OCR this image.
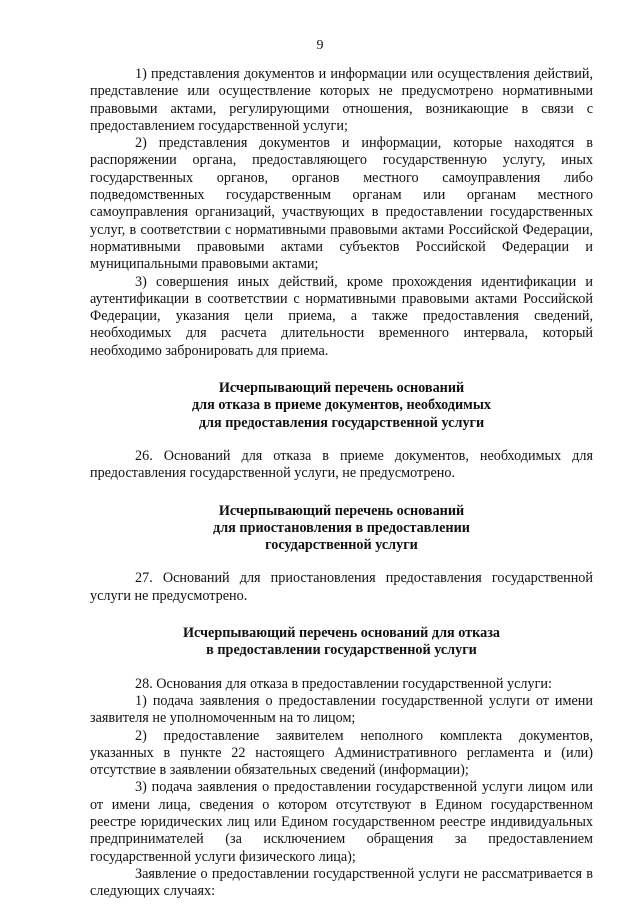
9

1) представления документов и информации или осуществления действий, представление или осуществление которых не предусмотрено нормативными правовыми актами, регулирующими отношения, возникающие в связи с предоставлением государственной услуги;

2) представления документов и информации, которые находятся в распоряжении органа, предоставляющего государственную услугу, иных государственных органов, органов местного самоуправления либо подведомственных государственным органам или органам местного самоуправления организаций, участвующих в предоставлении государственных услуг, в соответствии с нормативными правовыми актами Российской Федерации, нормативными правовыми актами субъектов Российской Федерации и муниципальными правовыми актами;

3) совершения иных действий, кроме прохождения идентификации и аутентификации в соответствии с нормативными правовыми актами Российской Федерации, указания цели приема, а также предоставления сведений, необходимых для расчета длительности временного интервала, который необходимо забронировать для приема.

Исчерпывающий перечень оснований
для отказа в приеме документов, необходимых
для предоставления государственной услуги

26. Оснований для отказа в приеме документов, необходимых для предоставления государственной услуги, не предусмотрено.

Исчерпывающий перечень оснований
для приостановления в предоставлении
государственной услуги

27. Оснований для приостановления предоставления государственной услуги не предусмотрено.

Исчерпывающий перечень оснований для отказа
в предоставлении государственной услуги

28. Основания для отказа в предоставлении государственной услуги:

1) подача заявления о предоставлении государственной услуги от имени заявителя не уполномоченным на то лицом;

2) предоставление заявителем неполного комплекта документов, указанных в пункте 22 настоящего Административного регламента и (или) отсутствие в заявлении обязательных сведений (информации);

3) подача заявления о предоставлении государственной услуги лицом или от имени лица, сведения о котором отсутствуют в Едином государственном реестре юридических лиц или Едином государственном реестре индивидуальных предпринимателей (за исключением обращения за предоставлением государственной услуги физического лица);

Заявление о предоставлении государственной услуги не рассматривается в следующих случаях:
